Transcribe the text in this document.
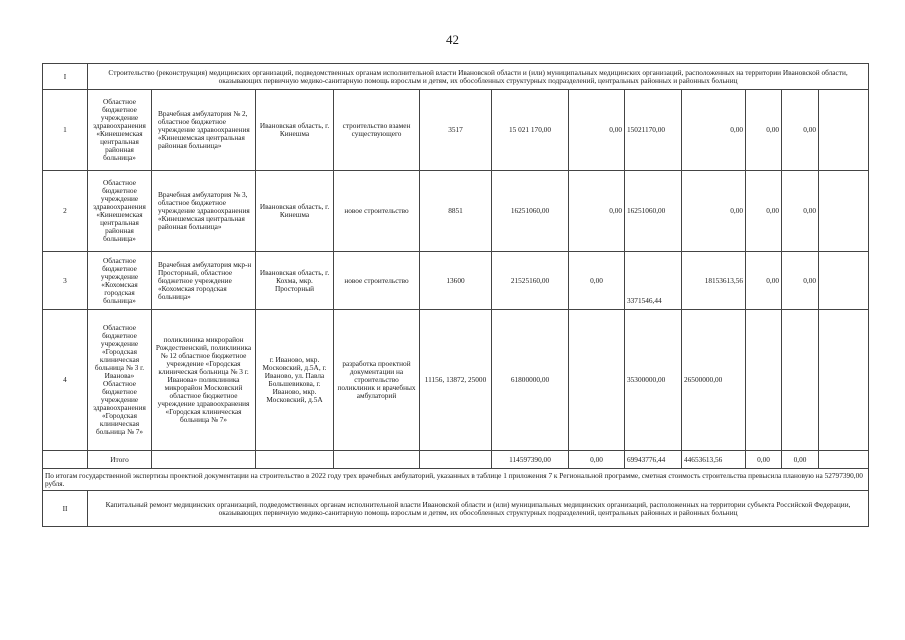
42
I	Строительство (реконструкция) медицинских организаций, подведомственных органам исполнительной власти Ивановской области и (или) муниципальных медицинских организаций, расположенных на территории Ивановской области, оказывающих первичную медико-санитарную помощь взрослым и детям, их обособленных структурных подразделений, центральных районных и районных больниц											
1	Областное бюджетное учреждение здравоохранения «Кинешемская центральная районная больница»	Врачебная амбулатория № 2, областное бюджетное учреждение здравоохранения «Кинешемская центральная районная больница»	Ивановская область, г. Кинешма	строительство взамен существующего	3517	15 021 170,00	0,00	15021170,00	0,00	0,00	0,00	
2	Областное бюджетное учреждение здравоохранения «Кинешемская центральная районная больница»	Врачебная амбулатория № 3, областное бюджетное учреждение здравоохранения «Кинешемская центральная районная больница»	Ивановская область, г. Кинешма	новое строительство	8851	16251060,00	0,00	16251060,00	0,00	0,00	0,00	
3	Областное бюджетное учреждение «Кохомская городская больница»	Врачебная амбулатория мкр-н Просторный, областное бюджетное учреждение «Кохомская городская больница»	Ивановская область, г. Кохма, мкр. Просторный	новое строительство	13600	21525160,00	0,00	3371546,44	18153613,56	0,00	0,00	
4	Областное бюджетное учреждение «Городская клиническая больница № 3 г. Иванова» Областное бюджетное учреждение здравоохранения «Городская клиническая больница № 7»	поликлиника микрорайон Рождественский, поликлиника № 12 областное бюджетное учреждение «Городская клиническая больница № 3 г. Иванова» поликлиника микрорайон Московский областное бюджетное учреждение здравоохранения «Городская клиническая больница № 7»	г. Иваново, мкр. Московский, д.5А, г. Иваново, ул. Павла Большевикова, г. Иваново, мкр. Московский, д.5А	разработка проектной документации на строительство поликлиник и врачебных амбулаторий	11156, 13872, 25000	61800000,00		35300000,00	26500000,00			
	Итого					114597390,00	0,00	69943776,44	44653613,56	0,00	0,00	
По итогам государственной экспертизы проектной документации на строительство в 2022 году трех врачебных амбулаторий, указанных в таблице 1 приложения 7 к Региональной программе, сметная стоимость строительства превысила плановую на 52797390,00 рубля.												
II	Капитальный ремонт медицинских организаций, подведомственных органам исполнительной власти Ивановской области и (или) муниципальных медицинских организаций, расположенных на территории субъекта Российской Федерации, оказывающих первичную медико-санитарную помощь взрослым и детям, их обособленных структурных подразделений, центральных районных и районных больниц											
